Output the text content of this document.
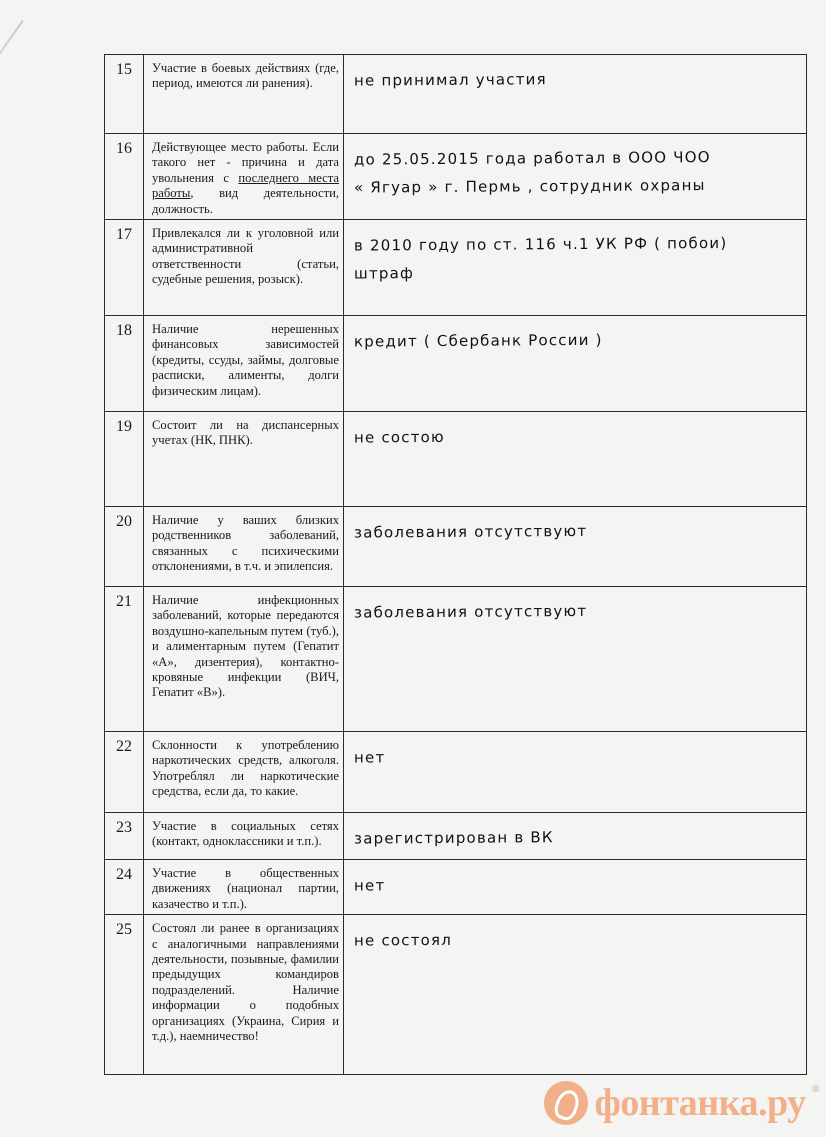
15	Участие в боевых действиях (где, период, имеются ли ранения).	не принимал участия

16	Действующее место работы. Если такого нет - причина и дата увольнения с последнего места работы, вид деятельности, должность.	до 25.05.2015 года работал в ООО ЧОО
« Ягуар » г. Пермь , сотрудник охраны

17	Привлекался ли к уголовной или административной ответственности (статьи, судебные решения, розыск).	в 2010 году по ст. 116 ч.1 УК РФ ( побои)
штраф

18	Наличие нерешенных финансовых зависимостей (кредиты, ссуды, займы, долговые расписки, алименты, долги физическим лицам).	кредит ( Сбербанк России )

19	Состоит ли на диспансерных учетах (НК, ПНК).	не состою

20	Наличие у ваших близких родственников заболеваний, связанных с психическими отклонениями, в т.ч. и эпилепсия.	заболевания отсутствуют

21	Наличие инфекционных заболеваний, которые передаются воздушно-капельным путем (туб.), и алиментарным путем (Гепатит «А», дизентерия), контактно-кровяные инфекции (ВИЧ, Гепатит «В»).	заболевания отсутствуют

22	Склонности к употреблению наркотических средств, алкоголя. Употреблял ли наркотические средства, если да, то какие.	нет

23	Участие в социальных сетях (контакт, одноклассники и т.п.).	зарегистрирован в ВК

24	Участие в общественных движениях (национал партии, казачество и т.п.).	нет

25	Состоял ли ранее в организациях с аналогичными направлениями деятельности, позывные, фамилии предыдущих командиров подразделений. Наличие информации о подобных организациях (Украина, Сирия и т.д.), наемничество!	не состоял
фонтанка.ру ®
